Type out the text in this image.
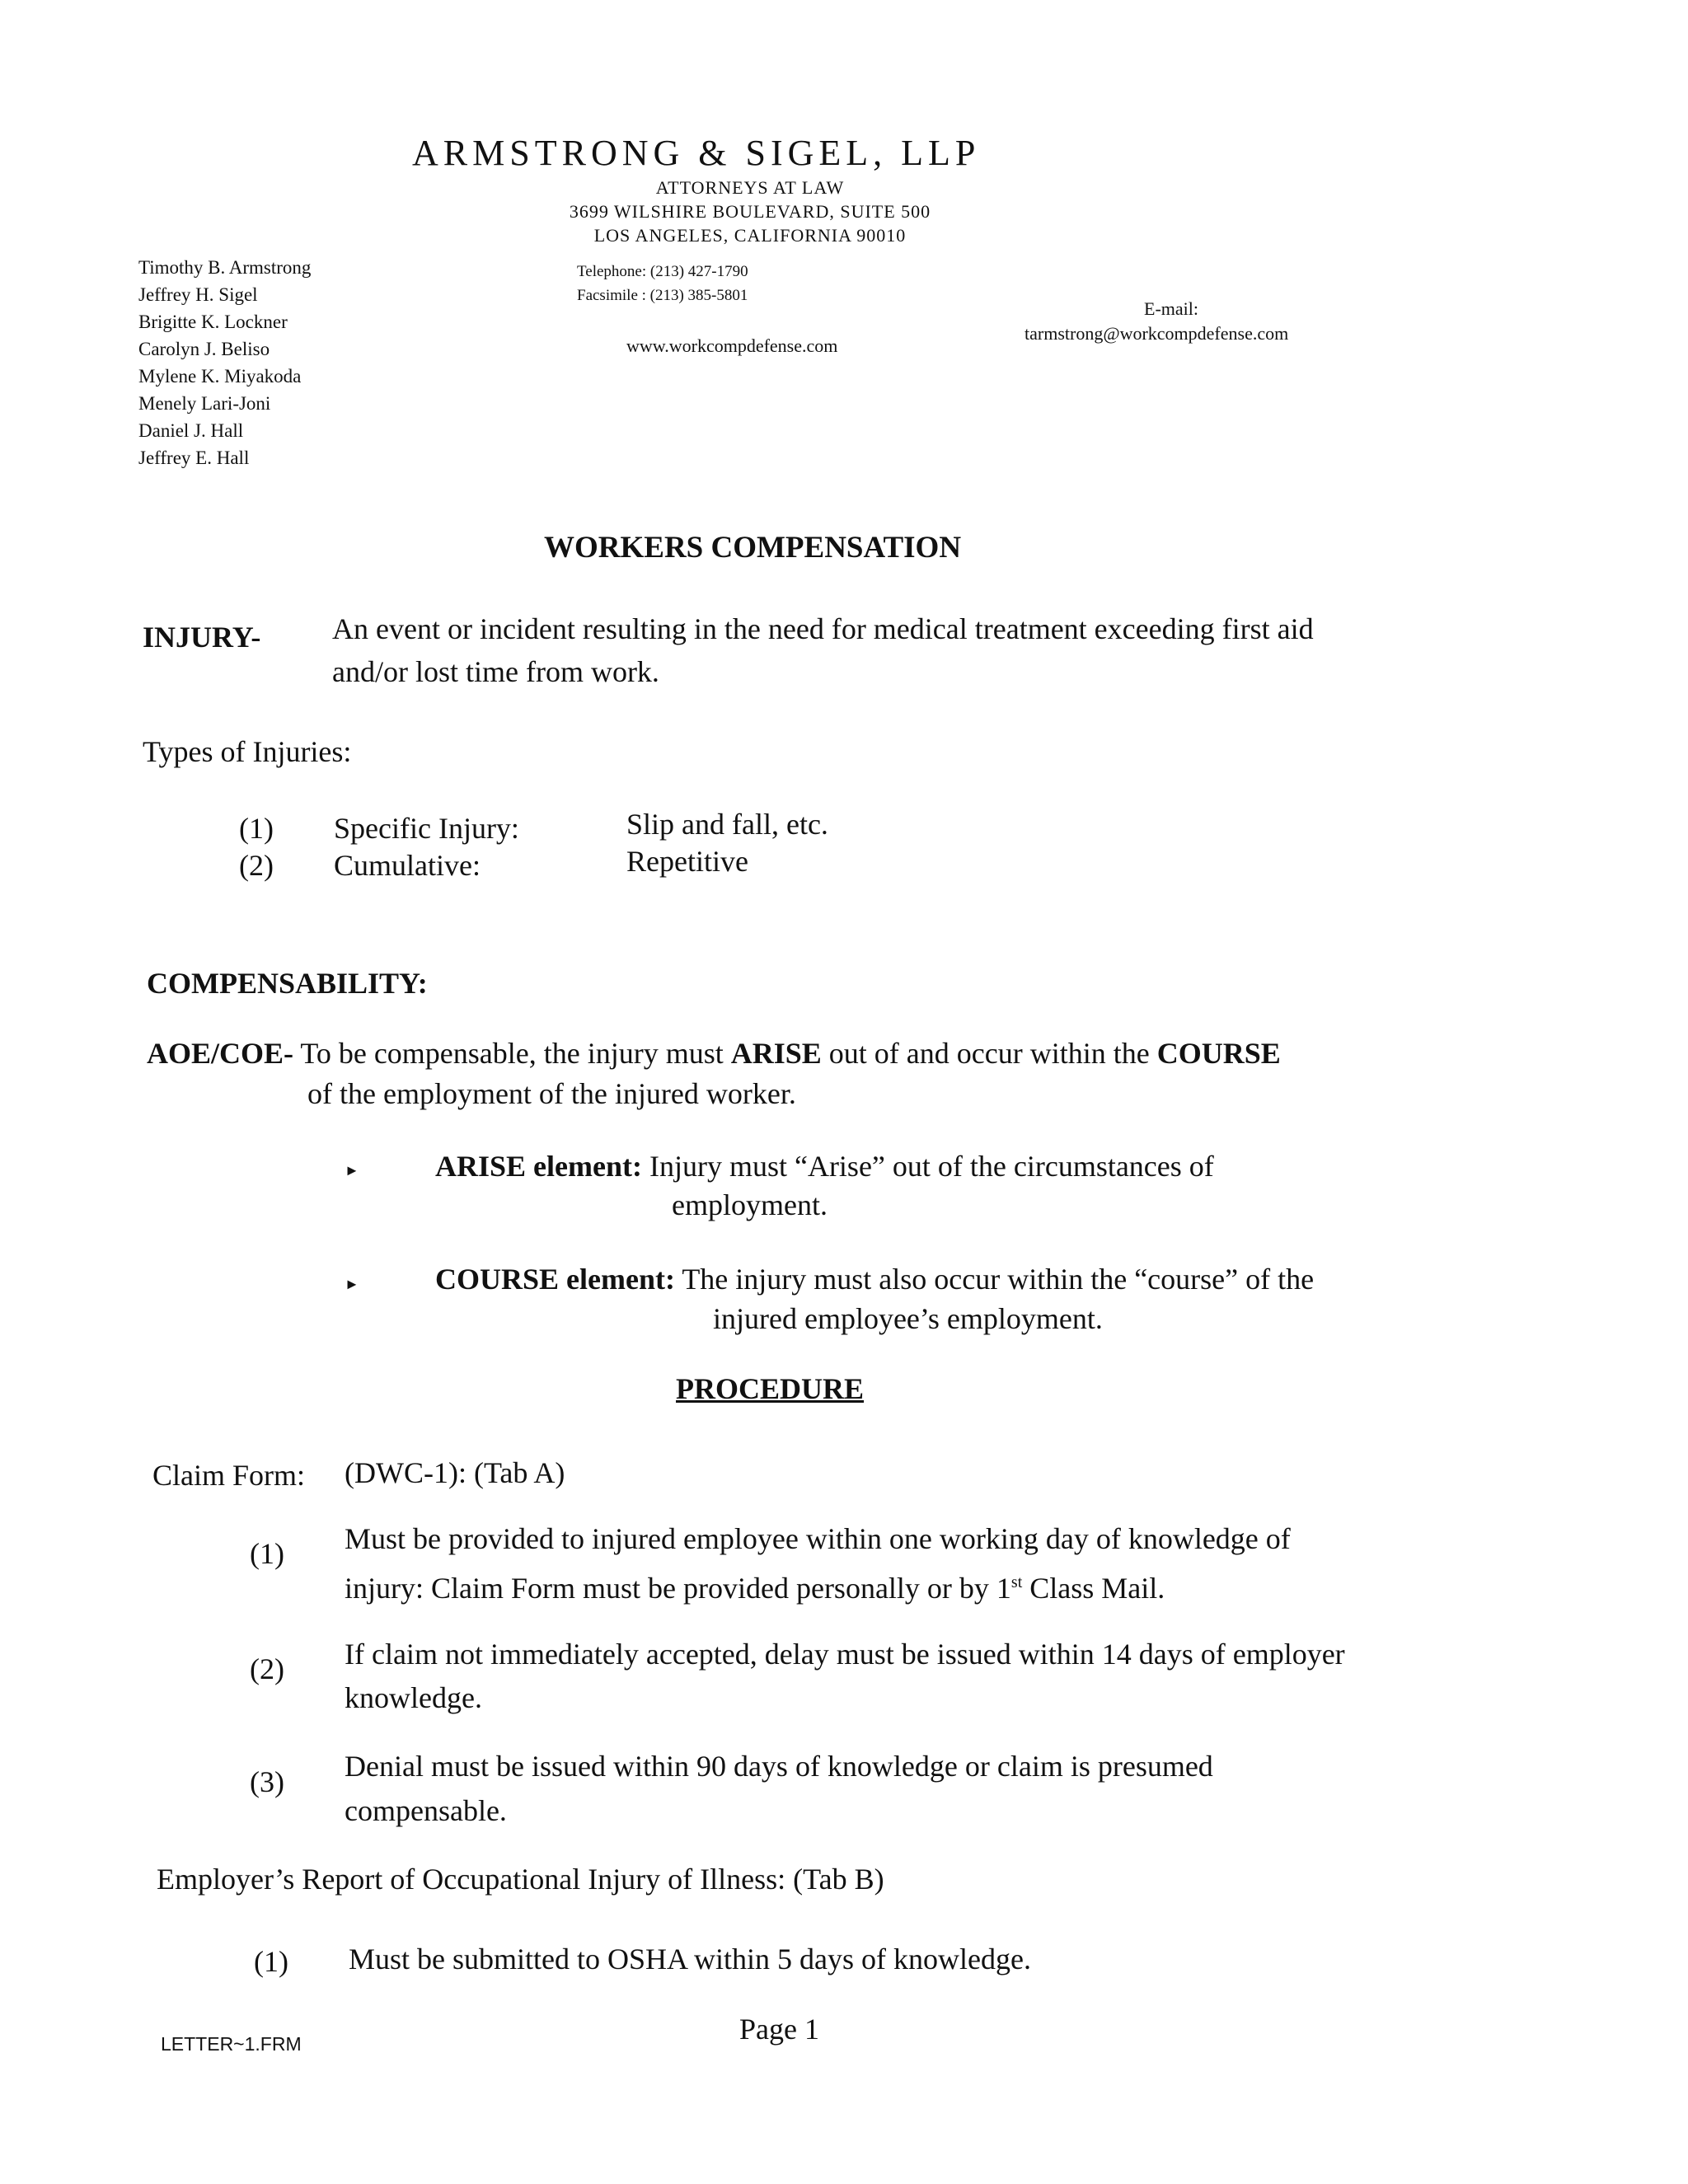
ARMSTRONG & SIGEL, LLP
ATTORNEYS AT LAW
3699 WILSHIRE BOULEVARD, SUITE 500
LOS ANGELES, CALIFORNIA 90010
Telephone: (213) 427-1790
Facsimile : (213) 385-5801
www.workcompdefense.com
E-mail:
tarmstrong@workcompdefense.com
Timothy B. Armstrong
Jeffrey H. Sigel
Brigitte K. Lockner
Carolyn J. Beliso
Mylene K. Miyakoda
Menely Lari-Joni
Daniel J. Hall
Jeffrey E. Hall
WORKERS COMPENSATION
INJURY- An event or incident resulting in the need for medical treatment exceeding first aid
and/or lost time from work.
Types of Injuries:
(1) Specific Injury:	Slip and fall, etc.
(2) Cumulative:	Repetitive
COMPENSABILITY:
AOE/COE- To be compensable, the injury must ARISE out of and occur within the COURSE
of the employment of the injured worker.
►	ARISE element: Injury must “Arise” out of the circumstances of
employment.
►	COURSE element: The injury must also occur within the “course” of the
injured employee’s employment.
PROCEDURE
Claim Form: (DWC-1): (Tab A)
(1) Must be provided to injured employee within one working day of knowledge of
injury: Claim Form must be provided personally or by 1st Class Mail.
(2) If claim not immediately accepted, delay must be issued within 14 days of employer
knowledge.
(3) Denial must be issued within 90 days of knowledge or claim is presumed
compensable.
Employer’s Report of Occupational Injury of Illness: (Tab B)
(1) Must be submitted to OSHA within 5 days of knowledge.
LETTER~1.FRM	Page 1
